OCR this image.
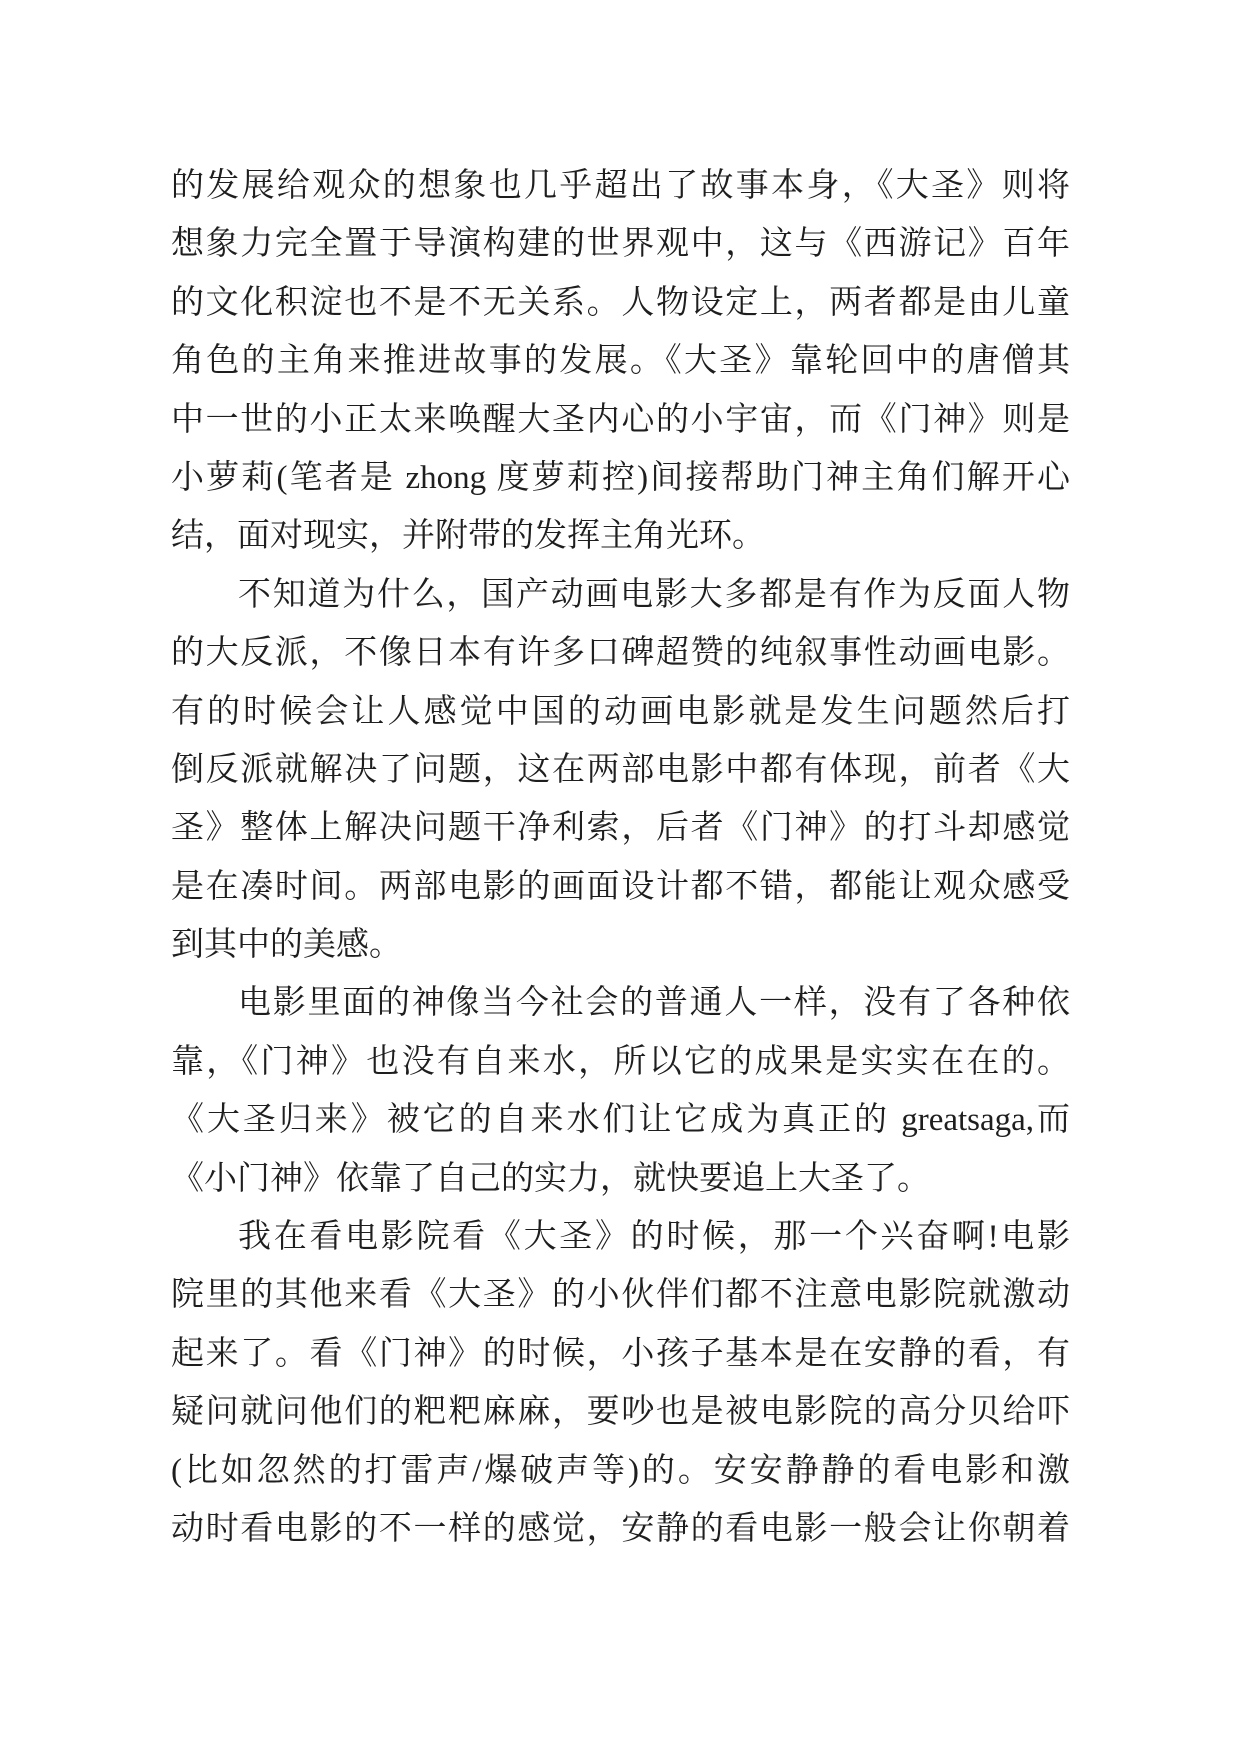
的发展给观众的想象也几乎超出了故事本身，《大圣》则将
想象力完全置于导演构建的世界观中，这与《西游记》百年
的文化积淀也不是不无关系。人物设定上，两者都是由儿童
角色的主角来推进故事的发展。《大圣》靠轮回中的唐僧其
中一世的小正太来唤醒大圣内心的小宇宙，而《门神》则是
小萝莉(笔者是 zhong 度萝莉控)间接帮助门神主角们解开心
结，面对现实，并附带的发挥主角光环。
不知道为什么，国产动画电影大多都是有作为反面人物
的大反派，不像日本有许多口碑超赞的纯叙事性动画电影。
有的时候会让人感觉中国的动画电影就是发生问题然后打
倒反派就解决了问题，这在两部电影中都有体现，前者《大
圣》整体上解决问题干净利索，后者《门神》的打斗却感觉
是在凑时间。两部电影的画面设计都不错，都能让观众感受
到其中的美感。
电影里面的神像当今社会的普通人一样，没有了各种依
靠，《门神》也没有自来水，所以它的成果是实实在在的。
《大圣归来》被它的自来水们让它成为真正的 greatsaga,而
《小门神》依靠了自己的实力，就快要追上大圣了。
我在看电影院看《大圣》的时候，那一个兴奋啊!电影
院里的其他来看《大圣》的小伙伴们都不注意电影院就激动
起来了。看《门神》的时候，小孩子基本是在安静的看，有
疑问就问他们的粑粑麻麻，要吵也是被电影院的高分贝给吓
(比如忽然的打雷声/爆破声等)的。安安静静的看电影和激
动时看电影的不一样的感觉，安静的看电影一般会让你朝着
